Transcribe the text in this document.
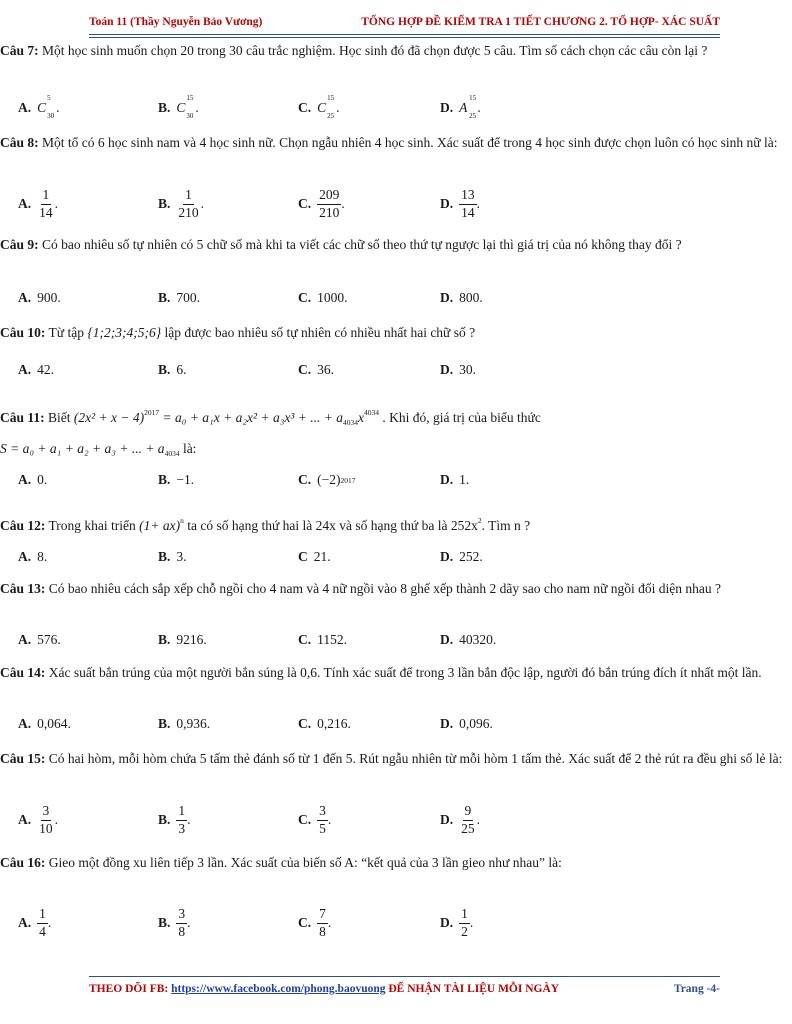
Toán 11 (Thầy Nguyễn Bảo Vương)	TỔNG HỢP ĐỀ KIỂM TRA 1 TIẾT CHƯƠNG 2. TỔ HỢP- XÁC SUẤT
Câu 7: Một học sinh muốn chọn 20 trong 30 câu trắc nghiệm. Học sinh đó đã chọn được 5 câu. Tìm số cách chọn các câu còn lại ?
A. C
5
30
.	B. C
15
30
.	C. C
15
25
.	D. A
15
25
.
Câu 8: Một tổ có 6 học sinh nam và 4 học sinh nữ. Chọn ngẫu nhiên 4 học sinh. Xác suất để trong 4 học sinh được chọn luôn có học sinh nữ là:
A. $\frac{1}{14}$ .	B. $\frac{1}{210}$ .	C. $\frac{209}{210}$ .	D. $\frac{13}{14}$ .
Câu 9: Có bao nhiêu số tự nhiên có 5 chữ số mà khi ta viết các chữ số theo thứ tự ngược lại thì giá trị của nó không thay đổi ?
A. 900.	B. 700.	C. 1000.	D. 800.
Câu 10: Từ tập {1;2;3;4;5;6} lập được bao nhiêu số tự nhiên có nhiều nhất hai chữ số ?
A. 42.	B. 6.	C. 36.	D. 30.
Câu 11: Biết $(2x^2 + x - 4)^{2017} = a_0 + a_1x + a_2x^2 + a_3x^3$ + ... + $a_{4034}x^{4034}$ . Khi đó, giá trị của biểu thức
S = a₀ + a₁ + a₂ + a₃ + ... + $a_{4034}$ là:
A. 0.	B. −1.	C. (−2) 2017	D. 1.
Câu 12: Trong khai triển (1+ ax)$^n$ ta có số hạng thứ hai là 24x và số hạng thứ ba là $252x^2$. Tìm n ?
A. 8.	B. 3.	C 21.	D. 252.
Câu 13: Có bao nhiêu cách sắp xếp chỗ ngồi cho 4 nam và 4 nữ ngồi vào 8 ghế xếp thành 2 dãy sao cho nam nữ ngồi đối diện nhau ?
A. 576.	B. 9216.	C. 1152.	D. 40320.
Câu 14: Xác suất bắn trúng của một người bắn súng là 0,6. Tính xác suất để trong 3 lần bắn độc lập, người đó bắn trúng đích ít nhất một lần.
A. 0,064.	B. 0,936.	C. 0,216.	D. 0,096.
Câu 15: Có hai hòm, mỗi hòm chứa 5 tấm thẻ đánh số từ 1 đến 5. Rút ngẫu nhiên từ mỗi hòm 1 tấm thẻ. Xác suất để 2 thẻ rút ra đều ghi số lẻ là:
A. $\frac{3}{10}$ .	B. $\frac{1}{3}$ .	C. $\frac{3}{5}$ .	D. $\frac{9}{25}$ .
Câu 16: Gieo một đồng xu liên tiếp 3 lần. Xác suất của biến số A: “kết quả của 3 lần gieo như nhau” là:
A. $\frac{1}{4}$ .	B. $\frac{3}{8}$ .	C. $\frac{7}{8}$ .	D. $\frac{1}{2}$ .
THEO DÕI FB: https://www.facebook.com/phong.baovuong ĐỂ NHẬN TÀI LIỆU MỖI NGÀY	Trang -4-
